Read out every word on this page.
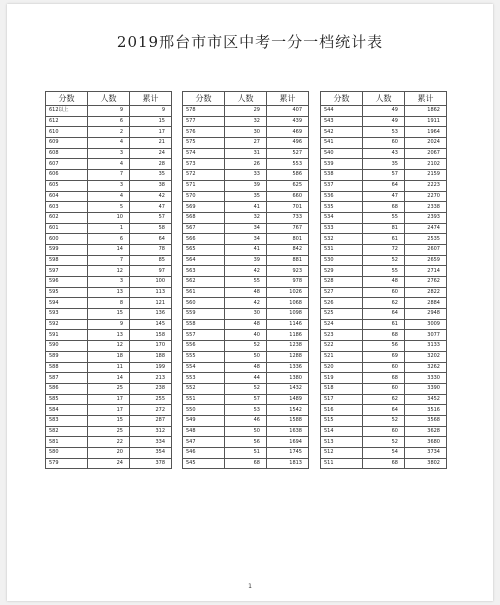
2019邢台市市区中考一分一档统计表
分数	人数	累计
612以上	9	9
612	6	15
610	2	17
609	4	21
608	3	24
607	4	28
606	7	35
605	3	38
604	4	42
603	5	47
602	10	57
601	1	58
600	6	64
599	14	78
598	7	85
597	12	97
596	3	100
595	13	113
594	8	121
593	15	136
592	9	145
591	13	158
590	12	170
589	18	188
588	11	199
587	14	213
586	25	238
585	17	255
584	17	272
583	15	287
582	25	312
581	22	334
580	20	354
579	24	378
分数	人数	累计
578	29	407
577	32	439
576	30	469
575	27	496
574	31	527
573	26	553
572	33	586
571	39	625
570	35	660
569	41	701
568	32	733
567	34	767
566	34	801
565	41	842
564	39	881
563	42	923
562	55	978
561	48	1026
560	42	1068
559	30	1098
558	48	1146
557	40	1186
556	52	1238
555	50	1288
554	48	1336
553	44	1380
552	52	1432
551	57	1489
550	53	1542
549	46	1588
548	50	1638
547	56	1694
546	51	1745
545	68	1813
分数	人数	累计
544	49	1862
543	49	1911
542	53	1964
541	60	2024
540	43	2067
539	35	2102
538	57	2159
537	64	2223
536	47	2270
535	68	2338
534	55	2393
533	81	2474
532	61	2535
531	72	2607
530	52	2659
529	55	2714
528	48	2762
527	60	2822
526	62	2884
525	64	2948
524	61	3009
523	68	3077
522	56	3133
521	69	3202
520	60	3262
519	68	3330
518	60	3390
517	62	3452
516	64	3516
515	52	3568
514	60	3628
513	52	3680
512	54	3734
511	68	3802
1
